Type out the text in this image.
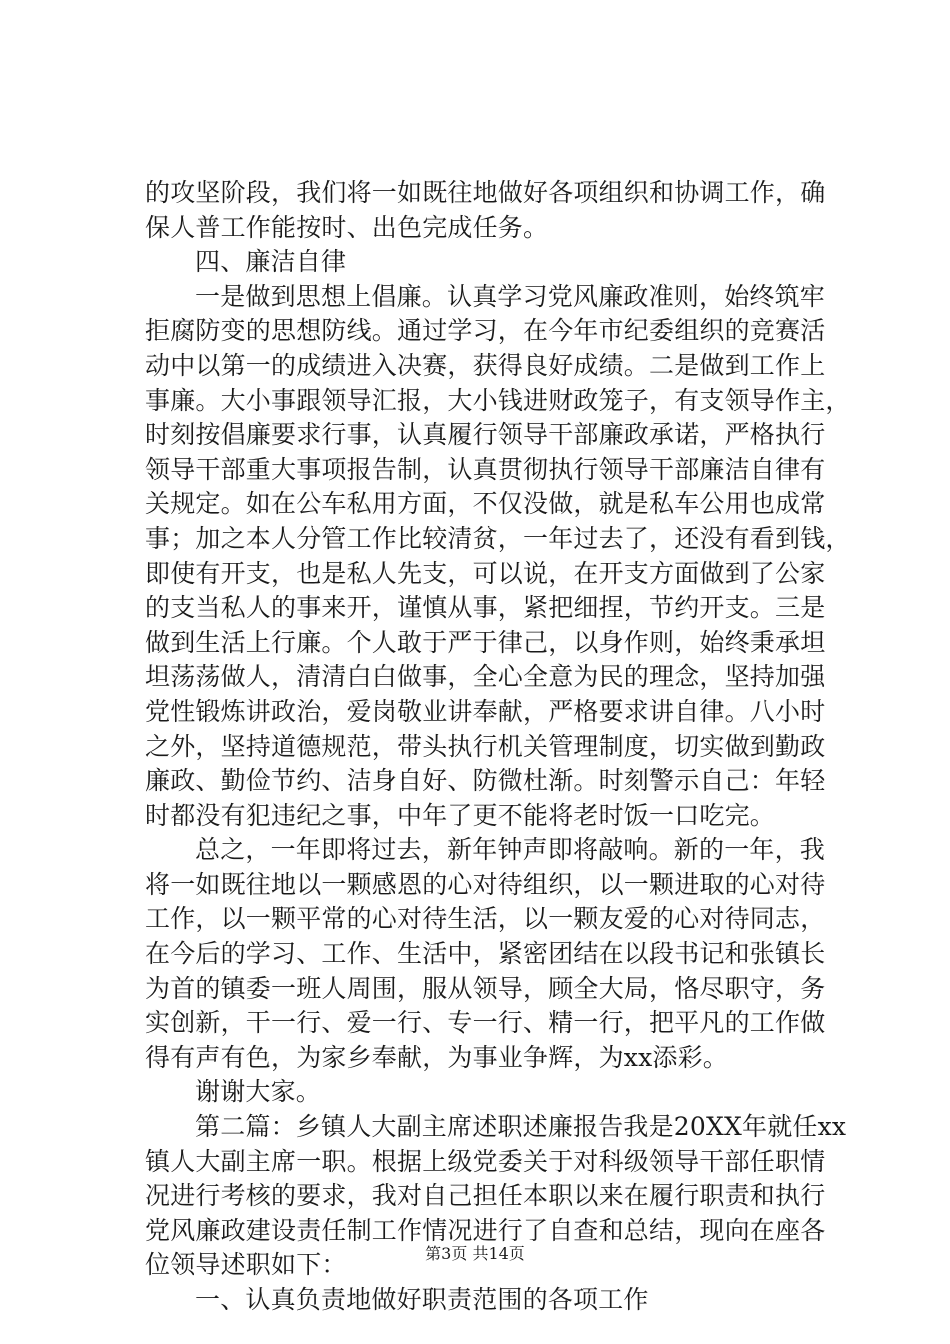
的攻坚阶段，我们将一如既往地做好各项组织和协调工作，确
保人普工作能按时、出色完成任务。
四、廉洁自律
一是做到思想上倡廉。认真学习党风廉政准则，始终筑牢
拒腐防变的思想防线。通过学习，在今年市纪委组织的竞赛活
动中以第一的成绩进入决赛，获得良好成绩。二是做到工作上
事廉。大小事跟领导汇报，大小钱进财政笼子，有支领导作主，
时刻按倡廉要求行事，认真履行领导干部廉政承诺，严格执行
领导干部重大事项报告制，认真贯彻执行领导干部廉洁自律有
关规定。如在公车私用方面，不仅没做，就是私车公用也成常
事；加之本人分管工作比较清贫，一年过去了，还没有看到钱，
即使有开支，也是私人先支，可以说，在开支方面做到了公家
的支当私人的事来开，谨慎从事，紧把细捏，节约开支。三是
做到生活上行廉。个人敢于严于律己，以身作则，始终秉承坦
坦荡荡做人，清清白白做事，全心全意为民的理念，坚持加强
党性锻炼讲政治，爱岗敬业讲奉献，严格要求讲自律。八小时
之外，坚持道德规范，带头执行机关管理制度，切实做到勤政
廉政、勤俭节约、洁身自好、防微杜渐。时刻警示自己：年轻
时都没有犯违纪之事，中年了更不能将老时饭一口吃完。
总之，一年即将过去，新年钟声即将敲响。新的一年，我
将一如既往地以一颗感恩的心对待组织，以一颗进取的心对待
工作，以一颗平常的心对待生活，以一颗友爱的心对待同志，
在今后的学习、工作、生活中，紧密团结在以段书记和张镇长
为首的镇委一班人周围，服从领导，顾全大局，恪尽职守，务
实创新，干一行、爱一行、专一行、精一行，把平凡的工作做
得有声有色，为家乡奉献，为事业争辉，为xx添彩。
谢谢大家。
第二篇：乡镇人大副主席述职述廉报告我是20XX年就任xx
镇人大副主席一职。根据上级党委关于对科级领导干部任职情
况进行考核的要求，我对自己担任本职以来在履行职责和执行
党风廉政建设责任制工作情况进行了自查和总结，现向在座各
位领导述职如下：
一、认真负责地做好职责范围的各项工作
第3页 共14页
